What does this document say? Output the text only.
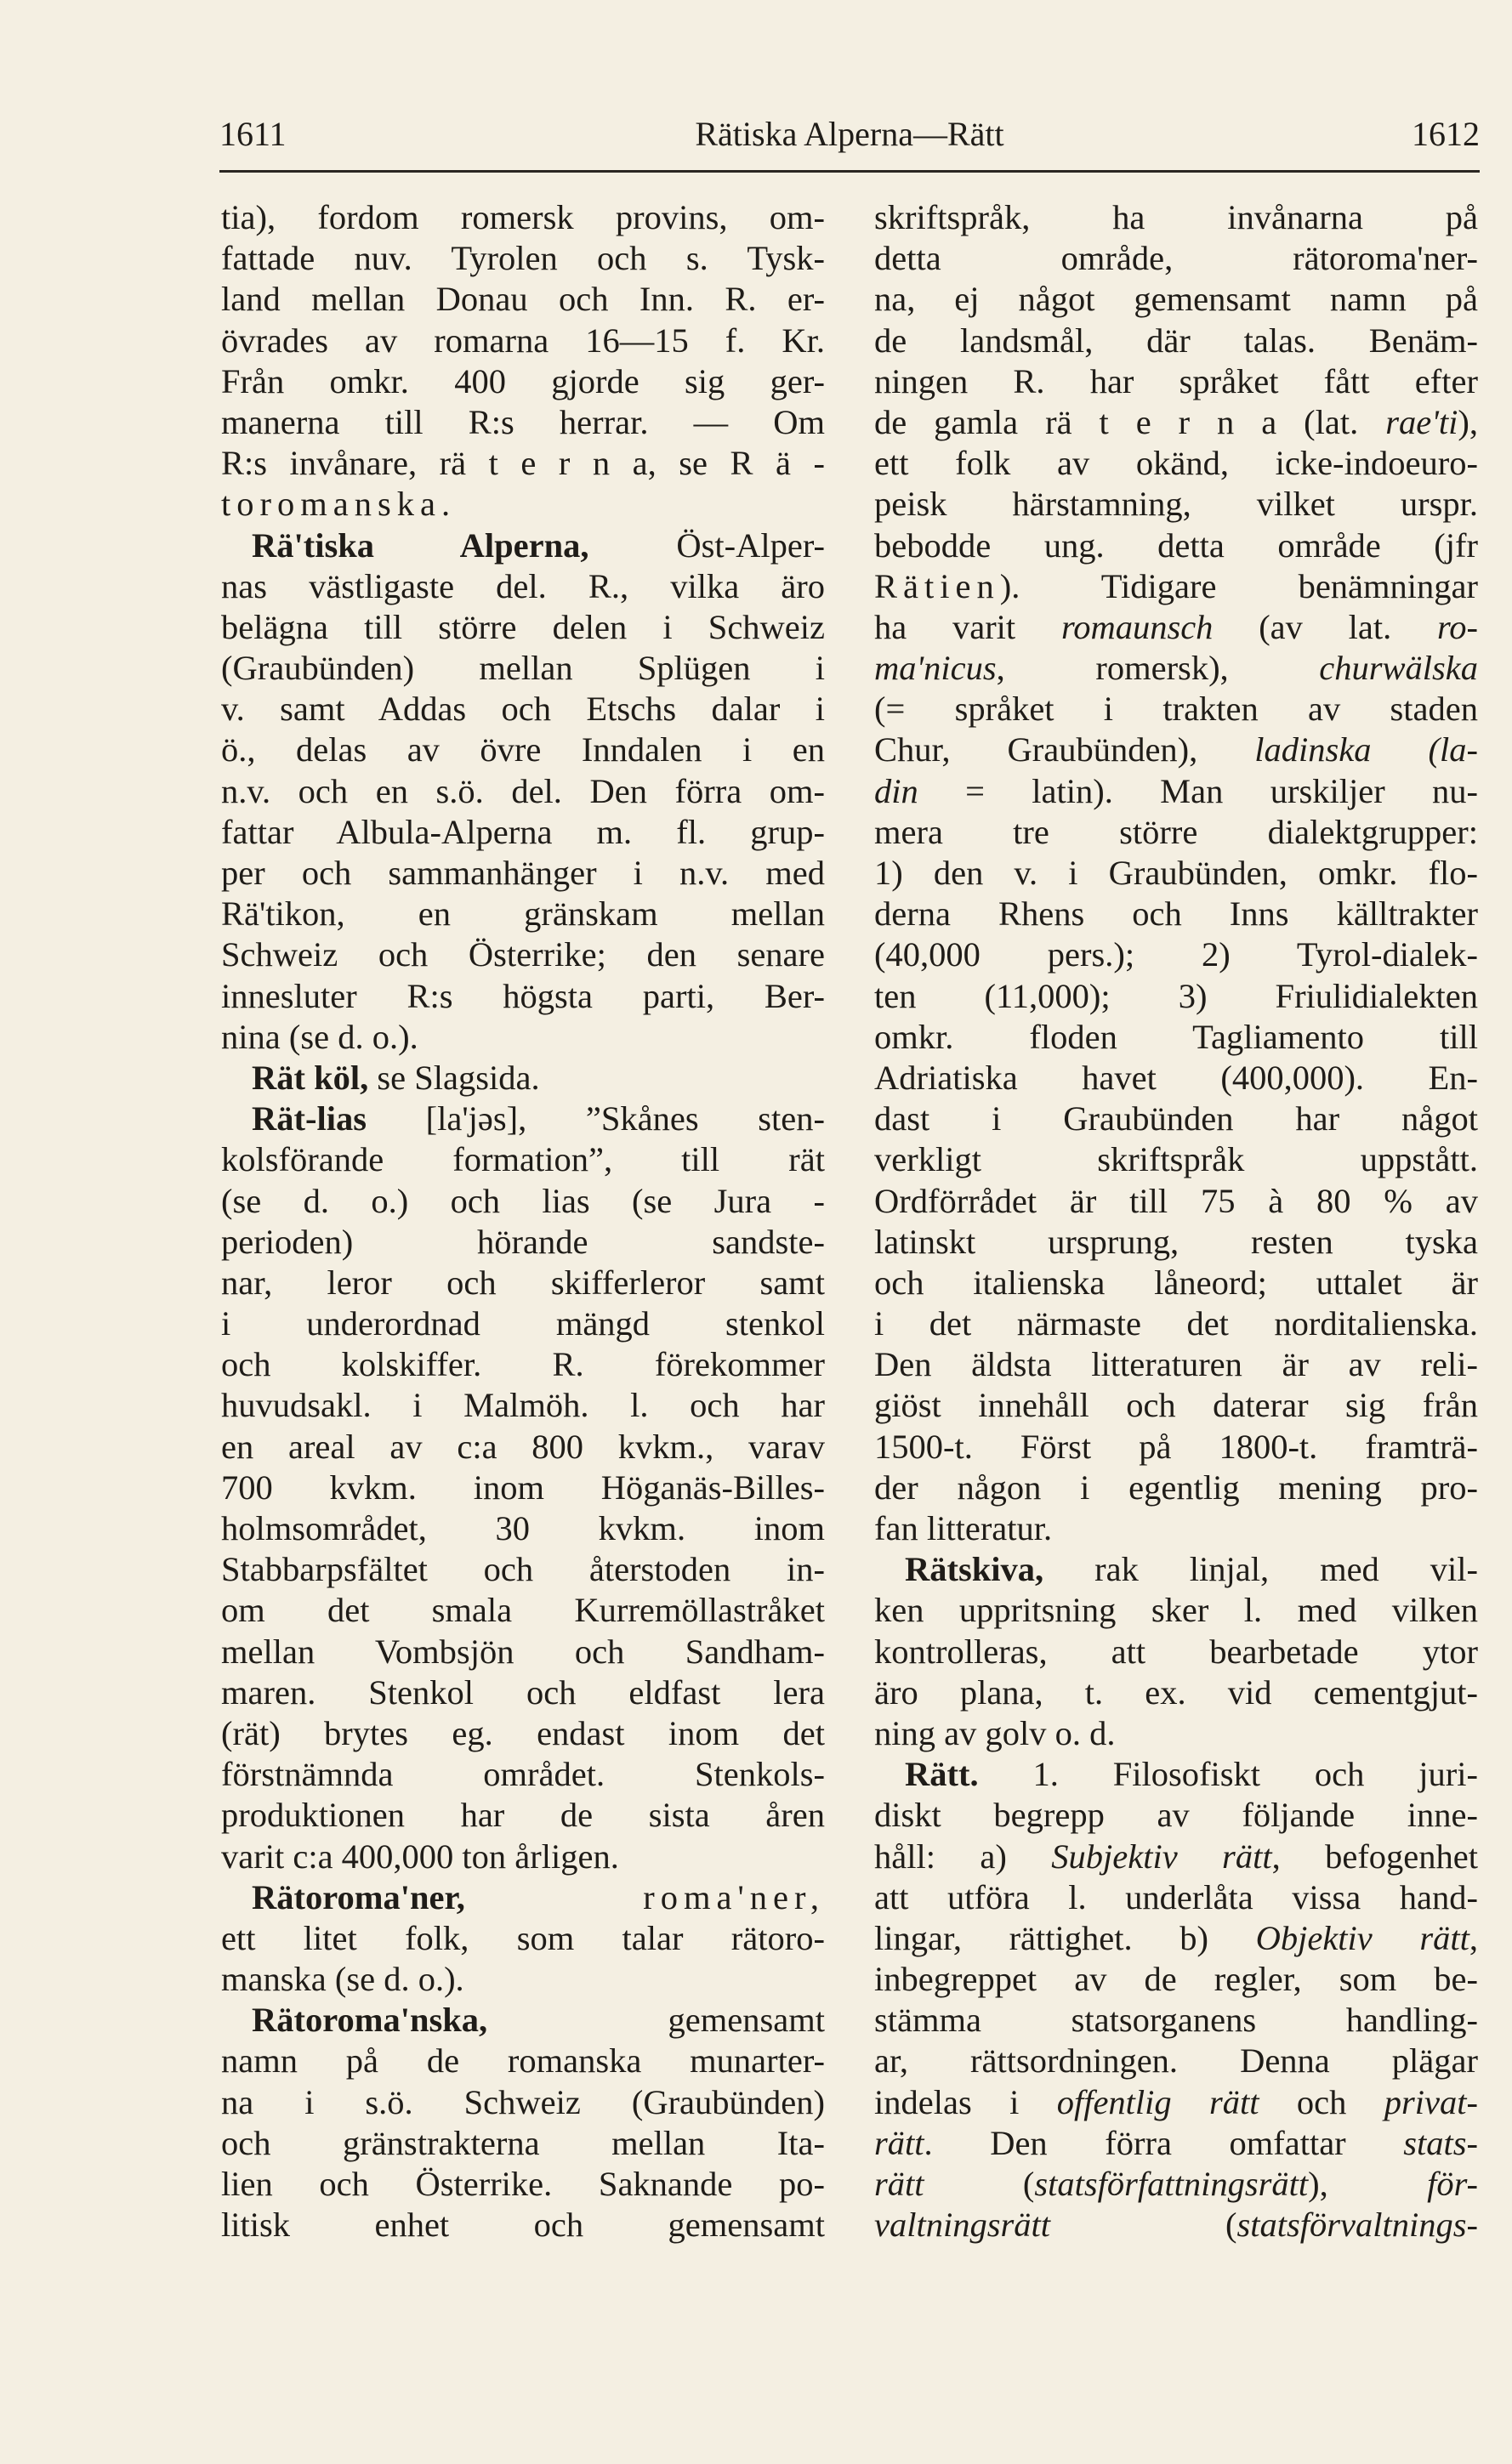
1611	Rätiska Alperna—Rätt	1612
tia), fordom romersk provins, om-
fattade nuv. Tyrolen och s. Tysk-
land mellan Donau och Inn. R. er-
övrades av romarna 16—15 f. Kr.
Från omkr. 400 gjorde sig ger-
manerna till R:s herrar. — Om
R:s invånare, rä t e r n a, se R ä -
toromanska.
Rä'tiska Alperna,	Öst-Alper-
nas västligaste del. R., vilka äro
belägna till större delen i Schweiz
(Graubünden) mellan Splügen i
v. samt Addas och Etschs dalar i
ö., delas av övre Inndalen i en
n.v. och en s.ö. del. Den förra om-
fattar Albula-Alperna m. fl. grup-
per och sammanhänger i n.v. med
Rä'tikon, en gränskam mellan
Schweiz och Österrike; den senare
innesluter R:s högsta parti, Ber-
nina (se d. o.).
Rät köl, se Slagsida.
Rät-lias [la'jəs], ”Skånes sten-
kolsförande formation”, till rät
(se d. o.) och lias (se Jura -
perioden) hörande sandste-
nar, leror och skifferleror samt
i underordnad mängd stenkol
och kolskiffer. R. förekommer
huvudsakl. i Malmöh. l. och har
en areal av c:a 800 kvkm., varav
700 kvkm. inom Höganäs-Billes-
holmsområdet, 30 kvkm. inom
Stabbarpsfältet och återstoden in-
om det smala Kurremöllastråket
mellan Vombsjön och Sandham-
maren. Stenkol och eldfast lera
(rät) brytes eg. endast inom det
förstnämnda området. Stenkols-
produktionen har de sista åren
varit c:a 400,000 ton årligen.
Rätoroma'ner,	roma'ner,
ett litet folk, som talar rätoro-
manska (se d. o.).
Rätoroma'nska,	gemensamt
namn på de romanska munarter-
na i s.ö. Schweiz (Graubünden)
och gränstrakterna mellan Ita-
lien och Österrike. Saknande po-
litisk enhet och gemensamt
skriftspråk, ha invånarna på
detta område, rätoroma'ner-
na, ej något gemensamt namn på
de landsmål, där talas. Benäm-
ningen R. har språket fått efter
de gamla rä t e r n a (lat. rae'ti),
ett folk av okänd, icke-indoeuro-
peisk härstamning, vilket urspr.
bebodde ung. detta område (jfr
Rätien). Tidigare benämningar
ha varit romaunsch (av lat. ro-
ma'nicus, romersk),	churwälska
(= språket i trakten av staden
Chur, Graubünden), ladinska (la-
din = latin). Man urskiljer nu-
mera tre större dialektgrupper:
1) den v. i Graubünden, omkr. flo-
derna Rhens och Inns källtrakter
(40,000 pers.); 2) Tyrol-dialek-
ten (11,000); 3) Friulidialekten
omkr. floden Tagliamento till
Adriatiska havet (400,000). En-
dast i Graubünden har något
verkligt skriftspråk uppstått.
Ordförrådet är till 75 à 80 % av
latinskt ursprung, resten tyska
och italienska låneord; uttalet är
i det närmaste det norditalienska.
Den äldsta litteraturen är av reli-
giöst innehåll och daterar sig från
1500-t. Först på 1800-t. framträ-
der någon i egentlig mening pro-
fan litteratur.
Rätskiva, rak linjal, med vil-
ken uppritsning sker l. med vilken
kontrolleras, att bearbetade ytor
äro plana, t. ex. vid cementgjut-
ning av golv o. d.
Rätt. 1. Filosofiskt och juri-
diskt begrepp av följande inne-
håll: a) Subjektiv rätt, befogenhet
att utföra l. underlåta vissa hand-
lingar, rättighet. b) Objektiv rätt,
inbegreppet av de regler, som be-
stämma statsorganens handling-
ar, rättsordningen. Denna plägar
indelas i offentlig rätt och privat-
rätt. Den förra omfattar stats-
rätt	(statsförfattningsrätt),	för-
valtningsrätt	(statsförvaltnings-
